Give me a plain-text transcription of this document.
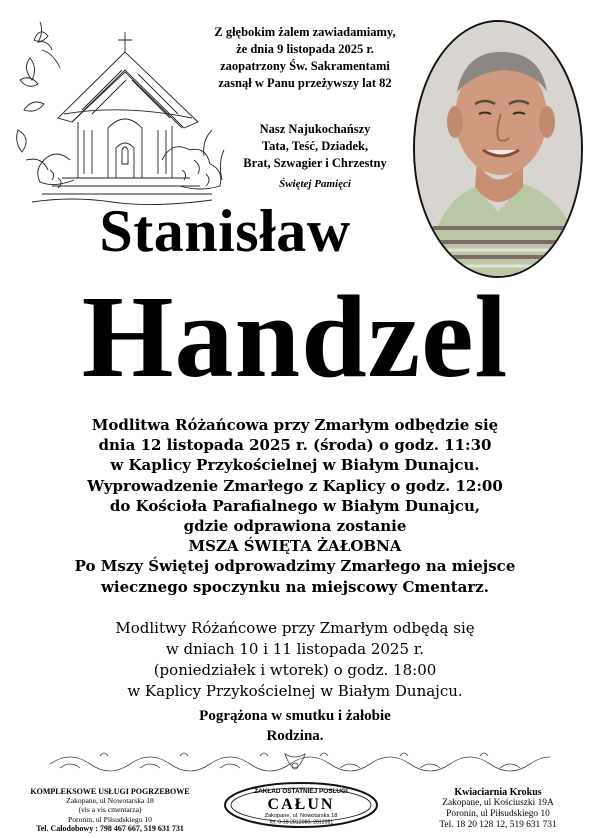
Z głębokim żalem zawiadamiamy,
że dnia 9 listopada 2025 r.
zaopatrzony Św. Sakramentami
zasnął w Panu przeżywszy lat 82
Nasz Najukochańszy
Tata, Teść, Dziadek,
Brat, Szwagier i Chrzestny
Świętej Pamięci
Stanisław
Handzel
Modlitwa Różańcowa przy Zmarłym odbędzie się
dnia 12 listopada 2025 r. (środa) o godz. 11:30
w Kaplicy Przykościelnej w Białym Dunajcu.
Wyprowadzenie Zmarłego z Kaplicy o godz. 12:00
do Kościoła Parafialnego w Białym Dunajcu,
gdzie odprawiona zostanie
MSZA ŚWIĘTA ŻAŁOBNA
Po Mszy Świętej odprowadzimy Zmarłego na miejsce
wiecznego spoczynku na miejscowy Cmentarz.
Modlitwy Różańcowe przy Zmarłym odbędą się
w dniach 10 i 11 listopada 2025 r.
(poniedziałek i wtorek) o godz. 18:00
w Kaplicy Przykościelnej w Białym Dunajcu.
Pogrążona w smutku i żałobie
Rodzina.
KOMPLEKSOWE USŁUGI POGRZEBOWE
Zakopane, ul Nowotarska 18
(vis a vis cmentarza)
Poronin, ul Piłsudskiego 10
Tel. Całodobowy : 798 467 667, 519 631 731
ZAKŁAD OSTATNIEJ POSŁUGI
CAŁUN
Zakopane, ul. Nowotarska 18
Tel. 0-18 2012080, 2012081
Kwiaciarnia Krokus
Zakopane, ul Kościuszki 19A
Poronin, ul Piłsudskiego 10
Tel. 18 20 128 12, 519 631 731
